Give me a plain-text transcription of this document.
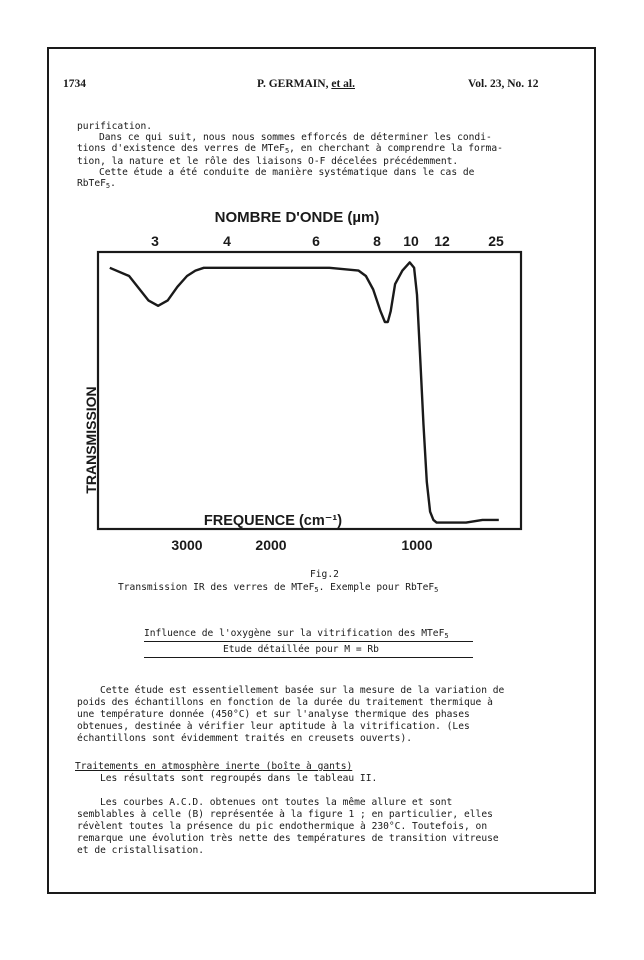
1734	P. GERMAIN, et al.	Vol. 23, No. 12
purification.
Dans ce qui suit, nous nous sommes efforcés de déterminer les condi-
tions d'existence des verres de MTeF$_5$, en cherchant à comprendre la forma-
tion, la nature et le rôle des liaisons O-F décelées précédemment.
Cette étude a été conduite de manière systématique dans le cas de
RbTeF$_5$.
NOMBRE D'ONDE (µm)
3	4	6	8 10 12	25
TRANSMISSION
FREQUENCE (cm⁻¹)
3000	2000	1000
Fig.2
Transmission IR des verres de MTeF$_5$. Exemple pour RbTeF$_5$
Influence de l'oxygène sur la vitrification des MTeF$_5$
Etude détaillée pour M = Rb
Cette étude est essentiellement basée sur la mesure de la variation de
poids des échantillons en fonction de la durée du traitement thermique à
une température donnée (450°C) et sur l'analyse thermique des phases
obtenues, destinée à vérifier leur aptitude à la vitrification. (Les
échantillons sont évidemment traités en creusets ouverts).
Traitements en atmosphère inerte (boîte à gants)
Les résultats sont regroupés dans le tableau II.
Les courbes A.C.D. obtenues ont toutes la même allure et sont
semblables à celle (B) représentée à la figure 1 ; en particulier, elles
révèlent toutes la présence du pic endothermique à 230°C. Toutefois, on
remarque une évolution très nette des températures de transition vitreuse
et de cristallisation.
